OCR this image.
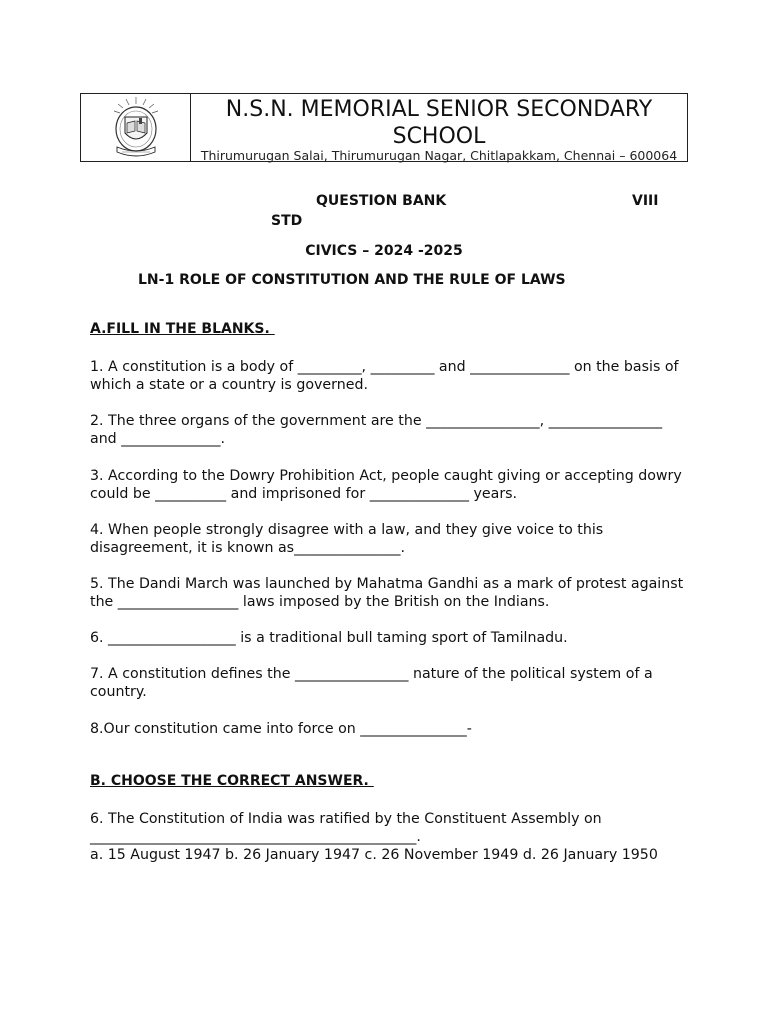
N.S.N. MEMORIAL SENIOR SECONDARY SCHOOL
Thirumurugan Salai, Thirumurugan Nagar, Chitlapakkam, Chennai – 600064
QUESTION BANK	VIII
STD
CIVICS – 2024 -2025
LN-1 ROLE OF CONSTITUTION AND THE RULE OF LAWS
A.FILL IN THE BLANKS.
1. A constitution is a body of _________, _________ and ______________ on the basis of which a state or a country is governed.
2. The three organs of the government are the ________________, ________________ and ______________.
3. According to the Dowry Prohibition Act, people caught giving or accepting dowry could be __________ and imprisoned for ______________ years.
4. When people strongly disagree with a law, and they give voice to this disagreement, it is known as_______________.
5. The Dandi March was launched by Mahatma Gandhi as a mark of protest against the _________________ laws imposed by the British on the Indians.
6. __________________ is a traditional bull taming sport of Tamilnadu.
7. A constitution defines the ________________ nature of the political system of a country.
8.Our constitution came into force on _______________-
B. CHOOSE THE CORRECT ANSWER.
6. The Constitution of India was ratified by the Constituent Assembly on ______________________________________________.
a. 15 August 1947 b. 26 January 1947 c. 26 November 1949 d. 26 January 1950
